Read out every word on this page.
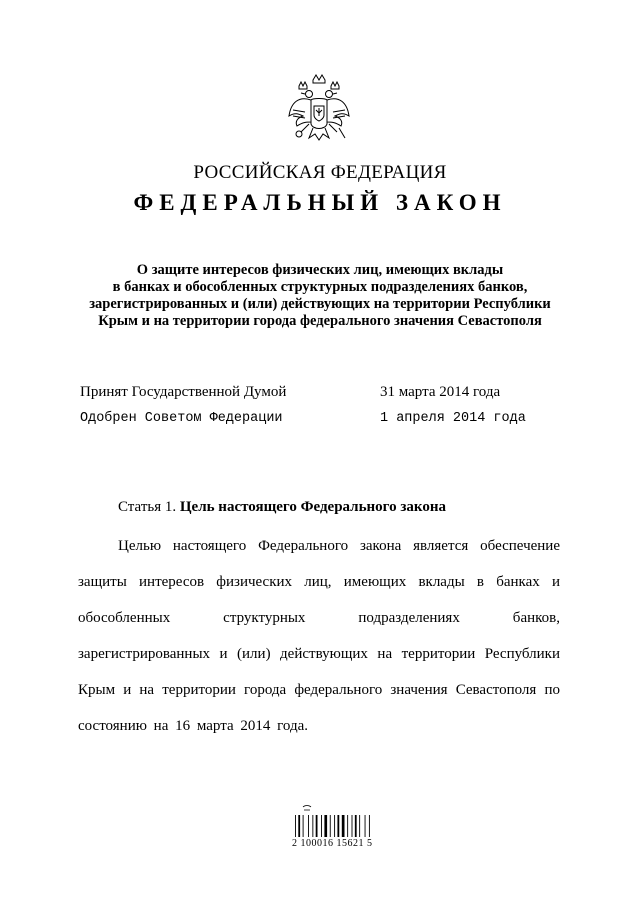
РОССИЙСКАЯ ФЕДЕРАЦИЯ
ФЕДЕРАЛЬНЫЙ ЗАКОН
О защите интересов физических лиц, имеющих вклады
в банках и обособленных структурных подразделениях банков,
зарегистрированных и (или) действующих на территории Республики
Крым и на территории города федерального значения Севастополя
Принят Государственной Думой	31 марта 2014 года
Одобрен Советом Федерации	1 апреля 2014 года
Статья 1. Цель настоящего Федерального закона
Целью настоящего Федерального закона является обеспечение защиты интересов физических лиц, имеющих вклады в банках и обособленных структурных подразделениях банков, зарегистрированных и (или) действующих на территории Республики Крым и на территории города федерального значения Севастополя по состоянию на 16 марта 2014 года.
2 100016 15621 5
